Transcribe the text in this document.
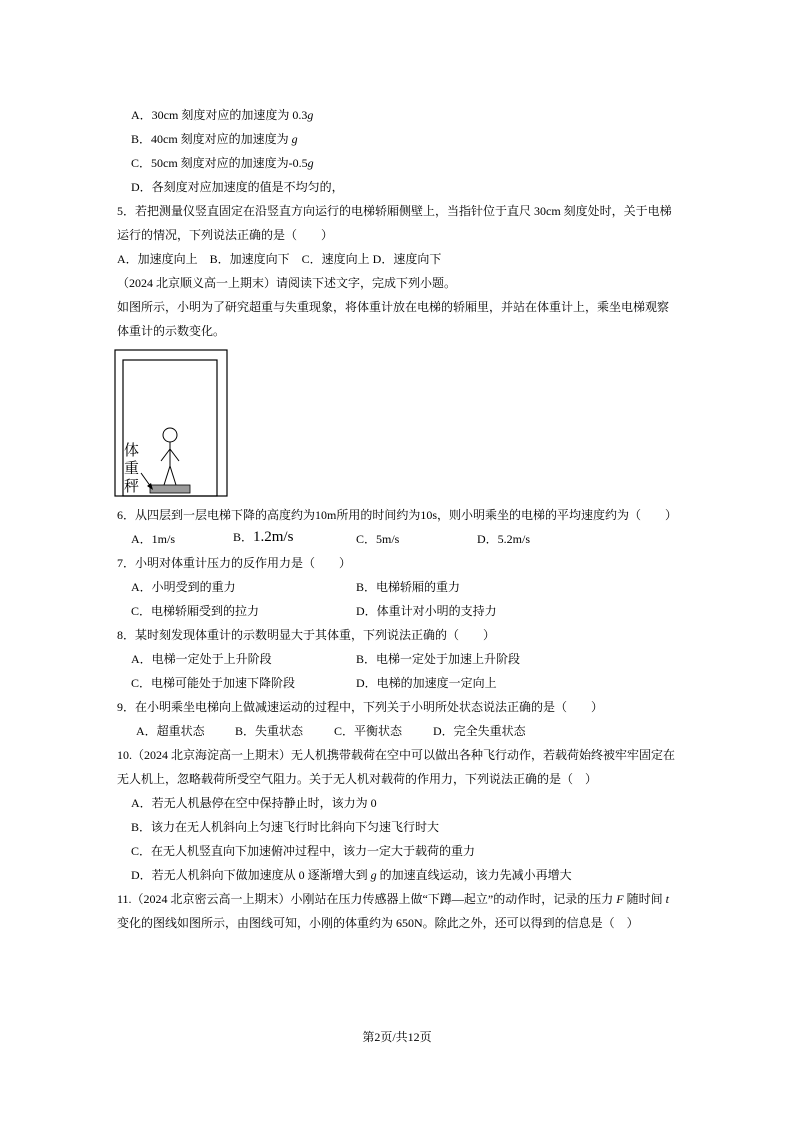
A．30cm 刻度对应的加速度为 0.3g
B．40cm 刻度对应的加速度为 g
C．50cm 刻度对应的加速度为-0.5g
D．各刻度对应加速度的值是不均匀的，
5．若把测量仪竖直固定在沿竖直方向运行的电梯轿厢侧壁上，当指针位于直尺 30cm 刻度处时，关于电梯
运行的情况，下列说法正确的是（　　）
A．加速度向上　B．加速度向下　C．速度向上 D．速度向下
（2024 北京顺义高一上期末）请阅读下述文字，完成下列小题。
如图所示，小明为了研究超重与失重现象，将体重计放在电梯的轿厢里，并站在体重计上，乘坐电梯观察
体重计的示数变化。
体
重
秤
6．从四层到一层电梯下降的高度约为10m所用的时间约为10s，则小明乘坐的电梯的平均速度约为（　　）
A．1m/s	B．1.2m/s	C．5m/s	D．5.2m/s
7．小明对体重计压力的反作用力是（　　）
A．小明受到的重力	B．电梯轿厢的重力
C．电梯轿厢受到的拉力	D．体重计对小明的支持力
8．某时刻发现体重计的示数明显大于其体重，下列说法正确的（　　）
A．电梯一定处于上升阶段	B．电梯一定处于加速上升阶段
C．电梯可能处于加速下降阶段	D．电梯的加速度一定向上
9．在小明乘坐电梯向上做减速运动的过程中，下列关于小明所处状态说法正确的是（　　）
A．超重状态	B．失重状态	C．平衡状态	D．完全失重状态
10.（2024 北京海淀高一上期末）无人机携带载荷在空中可以做出各种飞行动作，若载荷始终被牢牢固定在
无人机上，忽略载荷所受空气阻力。关于无人机对载荷的作用力，下列说法正确的是（　）
A．若无人机悬停在空中保持静止时，该力为 0
B．该力在无人机斜向上匀速飞行时比斜向下匀速飞行时大
C．在无人机竖直向下加速俯冲过程中，该力一定大于载荷的重力
D．若无人机斜向下做加速度从 0 逐渐增大到 g 的加速直线运动，该力先减小再增大
11.（2024 北京密云高一上期末）小刚站在压力传感器上做“下蹲—起立”的动作时，记录的压力 F 随时间 t
变化的图线如图所示，由图线可知，小刚的体重约为 650N。除此之外，还可以得到的信息是（　）
第2页/共12页
